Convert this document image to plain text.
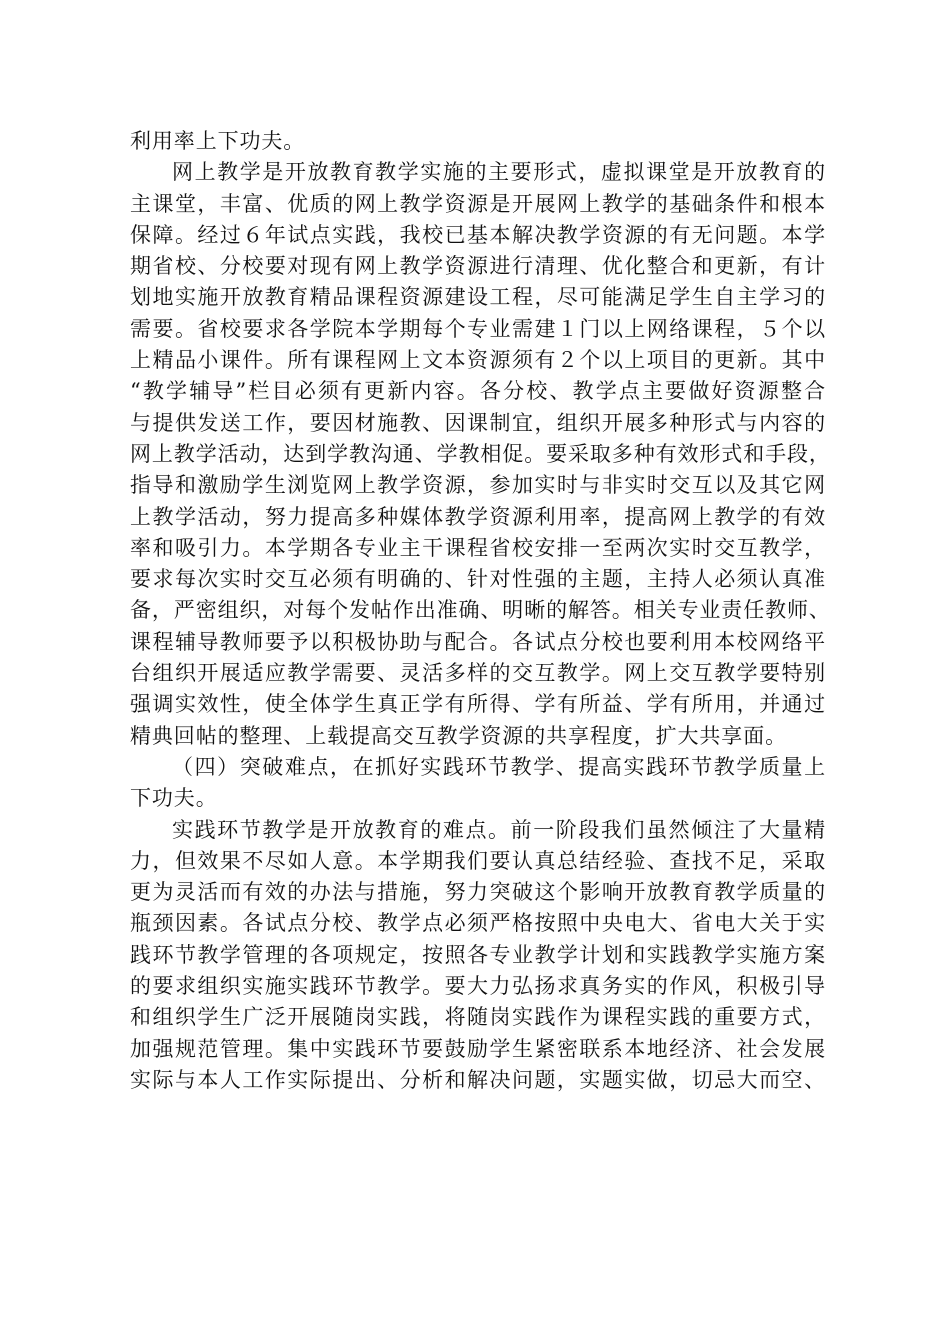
利用率上下功夫。
网上教学是开放教育教学实施的主要形式，虚拟课堂是开放教育的
主课堂，丰富、优质的网上教学资源是开展网上教学的基础条件和根本
保障。经过６年试点实践，我校已基本解决教学资源的有无问题。本学
期省校、分校要对现有网上教学资源进行清理、优化整合和更新，有计
划地实施开放教育精品课程资源建设工程，尽可能满足学生自主学习的
需要。省校要求各学院本学期每个专业需建１门以上网络课程，５个以
上精品小课件。所有课程网上文本资源须有２个以上项目的更新。其中
“教学辅导”栏目必须有更新内容。各分校、教学点主要做好资源整合
与提供发送工作，要因材施教、因课制宜，组织开展多种形式与内容的
网上教学活动，达到学教沟通、学教相促。要采取多种有效形式和手段，
指导和激励学生浏览网上教学资源，参加实时与非实时交互以及其它网
上教学活动，努力提高多种媒体教学资源利用率，提高网上教学的有效
率和吸引力。本学期各专业主干课程省校安排一至两次实时交互教学，
要求每次实时交互必须有明确的、针对性强的主题，主持人必须认真准
备，严密组织，对每个发帖作出准确、明晰的解答。相关专业责任教师、
课程辅导教师要予以积极协助与配合。各试点分校也要利用本校网络平
台组织开展适应教学需要、灵活多样的交互教学。网上交互教学要特别
强调实效性，使全体学生真正学有所得、学有所益、学有所用，并通过
精典回帖的整理、上载提高交互教学资源的共享程度，扩大共享面。
（四）突破难点，在抓好实践环节教学、提高实践环节教学质量上
下功夫。
实践环节教学是开放教育的难点。前一阶段我们虽然倾注了大量精
力，但效果不尽如人意。本学期我们要认真总结经验、查找不足，采取
更为灵活而有效的办法与措施，努力突破这个影响开放教育教学质量的
瓶颈因素。各试点分校、教学点必须严格按照中央电大、省电大关于实
践环节教学管理的各项规定，按照各专业教学计划和实践教学实施方案
的要求组织实施实践环节教学。要大力弘扬求真务实的作风，积极引导
和组织学生广泛开展随岗实践，将随岗实践作为课程实践的重要方式，
加强规范管理。集中实践环节要鼓励学生紧密联系本地经济、社会发展
实际与本人工作实际提出、分析和解决问题，实题实做，切忌大而空、
